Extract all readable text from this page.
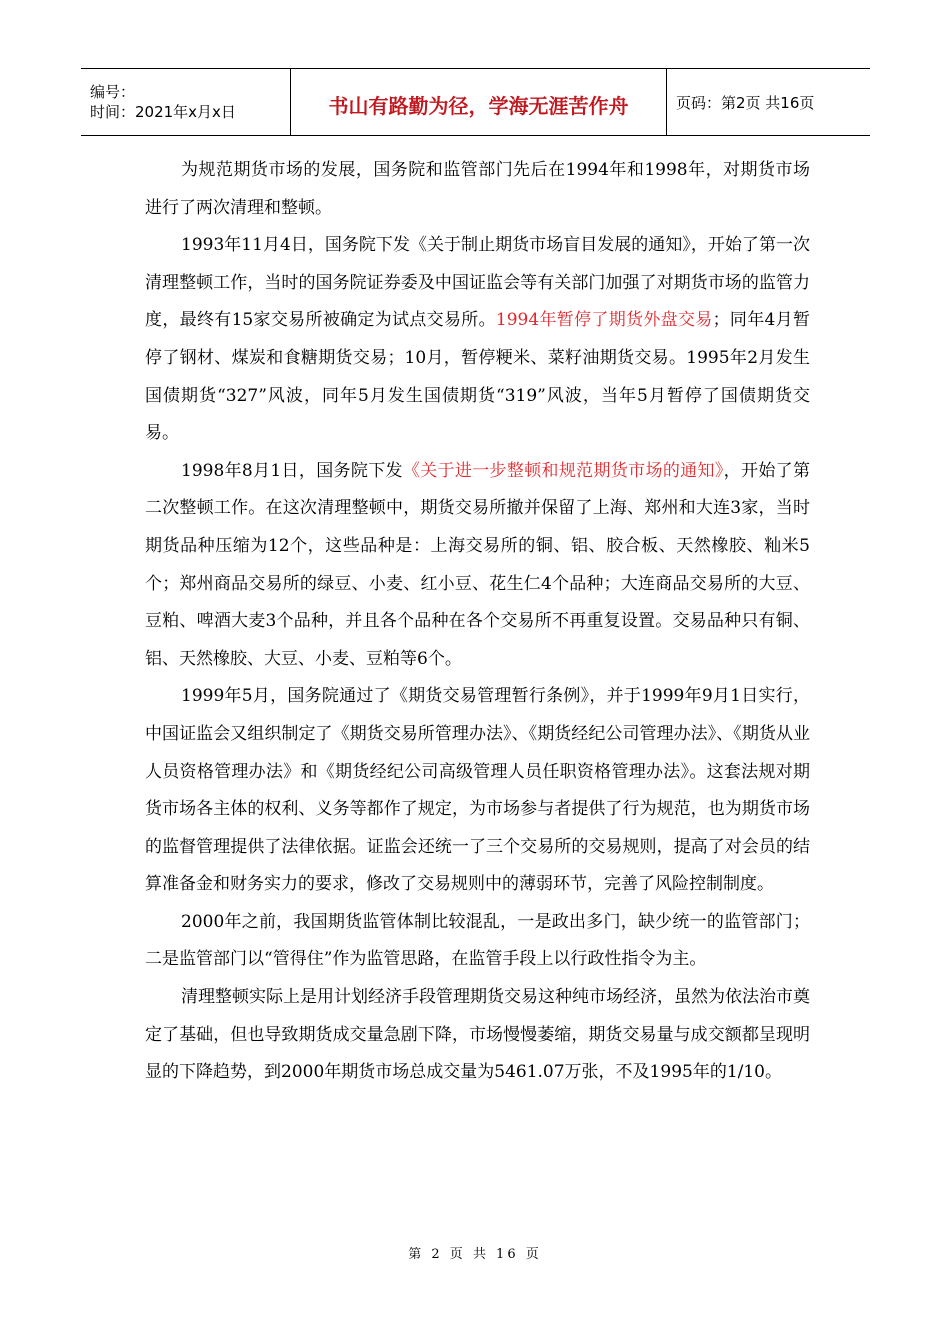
编号：
时间：2021年x月x日	书山有路勤为径，学海无涯苦作舟	页码：第2页 共16页

为规范期货市场的发展，国务院和监管部门先后在1994年和1998年，对期货市场进行了两次清理和整顿。

1993年11月4日，国务院下发《关于制止期货市场盲目发展的通知》，开始了第一次清理整顿工作，当时的国务院证券委及中国证监会等有关部门加强了对期货市场的监管力度，最终有15家交易所被确定为试点交易所。1994年暂停了期货外盘交易；同年4月暂停了钢材、煤炭和食糖期货交易；10月，暂停粳米、菜籽油期货交易。1995年2月发生国债期货“327”风波，同年5月发生国债期货“319”风波，当年5月暂停了国债期货交易。

1998年8月1日，国务院下发《关于进一步整顿和规范期货市场的通知》，开始了第二次整顿工作。在这次清理整顿中，期货交易所撤并保留了上海、郑州和大连3家，当时期货品种压缩为12个，这些品种是：上海交易所的铜、铝、胶合板、天然橡胶、籼米5个；郑州商品交易所的绿豆、小麦、红小豆、花生仁4个品种；大连商品交易所的大豆、豆粕、啤酒大麦3个品种，并且各个品种在各个交易所不再重复设置。交易品种只有铜、铝、天然橡胶、大豆、小麦、豆粕等6个。

1999年5月，国务院通过了《期货交易管理暂行条例》，并于1999年9月1日实行，中国证监会又组织制定了《期货交易所管理办法》、《期货经纪公司管理办法》、《期货从业人员资格管理办法》和《期货经纪公司高级管理人员任职资格管理办法》。这套法规对期货市场各主体的权利、义务等都作了规定，为市场参与者提供了行为规范，也为期货市场的监督管理提供了法律依据。证监会还统一了三个交易所的交易规则，提高了对会员的结算准备金和财务实力的要求，修改了交易规则中的薄弱环节，完善了风险控制制度。

2000年之前，我国期货监管体制比较混乱，一是政出多门，缺少统一的监管部门；二是监管部门以“管得住”作为监管思路，在监管手段上以行政性指令为主。

清理整顿实际上是用计划经济手段管理期货交易这种纯市场经济，虽然为依法治市奠定了基础，但也导致期货成交量急剧下降，市场慢慢萎缩，期货交易量与成交额都呈现明显的下降趋势，到2000年期货市场总成交量为5461.07万张，不及1995年的1/10。

第 2 页 共 16 页
